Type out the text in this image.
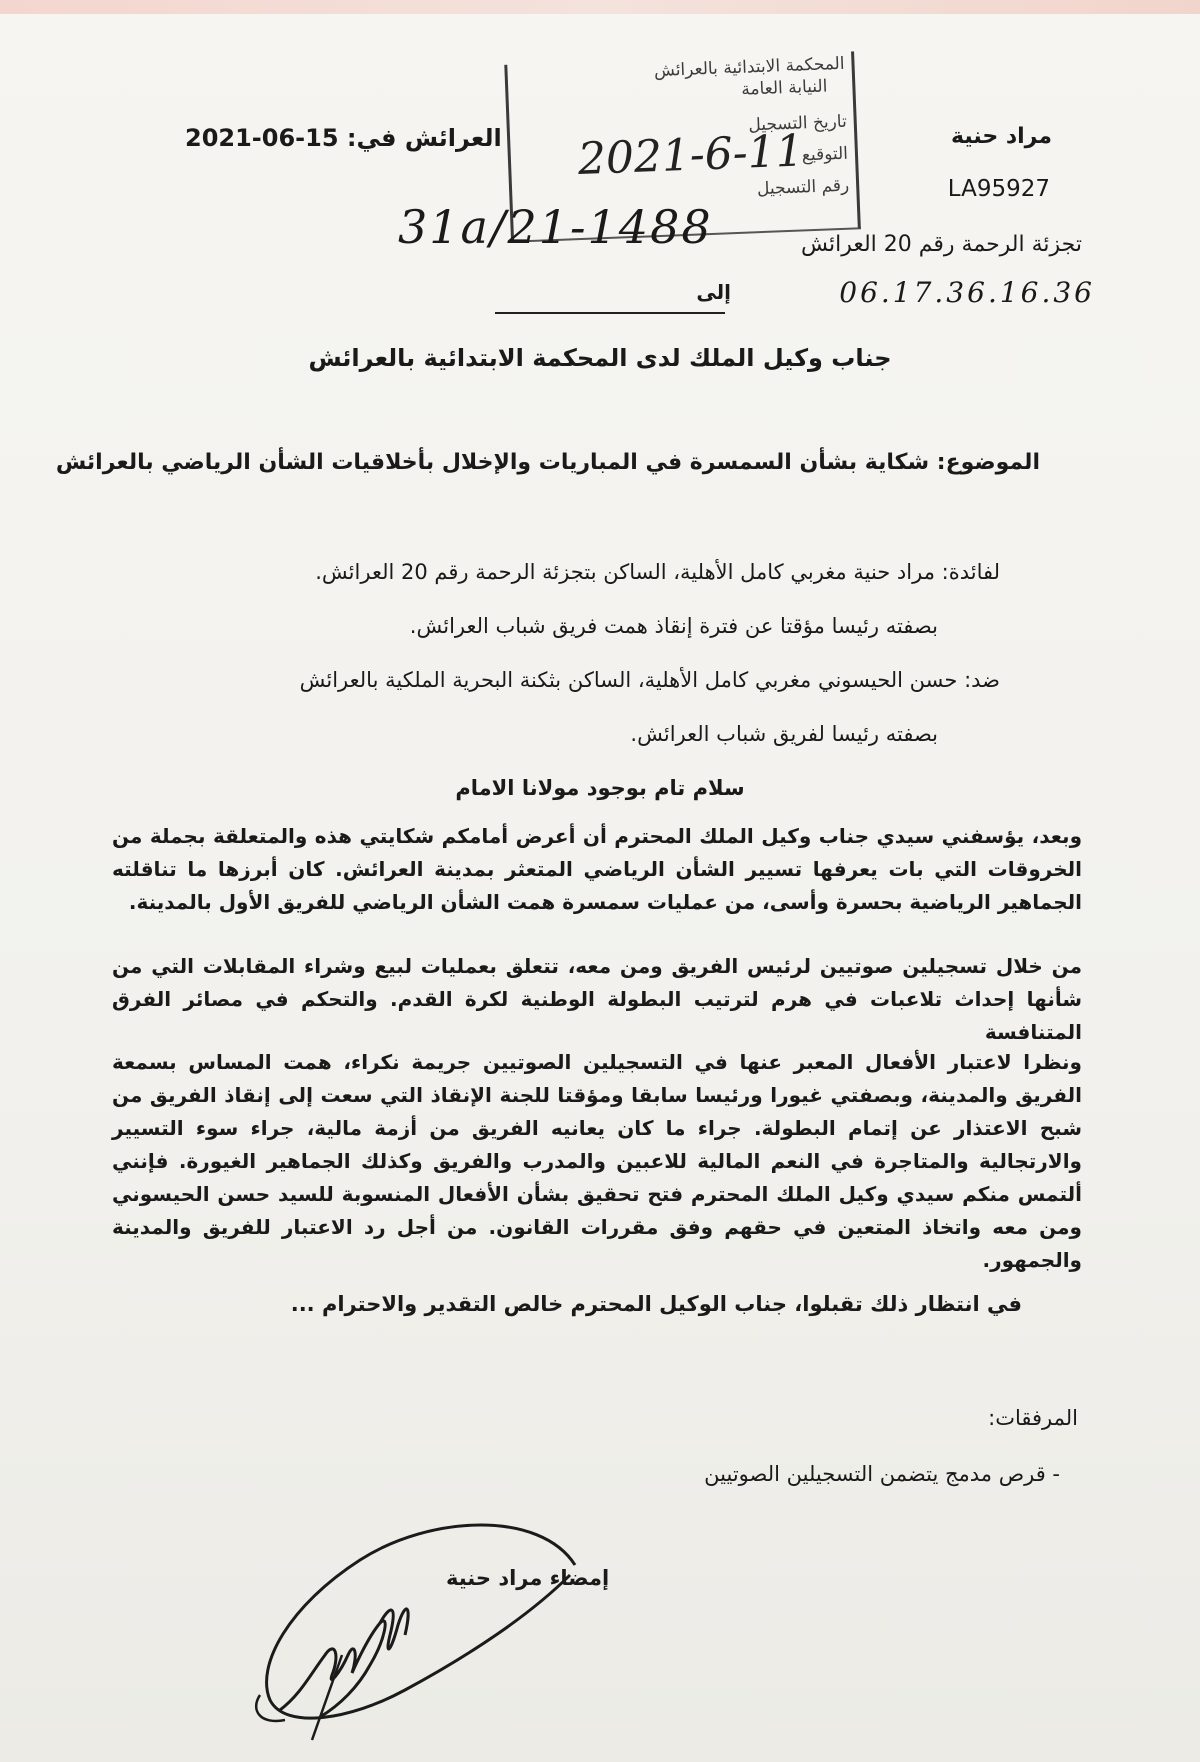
2021-06-15 العرائش في:	مراد حنية
LA95927
تجزئة الرحمة رقم 20 العرائش
06.17.36.16.36
المحكمة الابتدائية بالعرائش
النيابة العامة
تاريخ التسجيل
التوقيع
رقم التسجيل
2021-6-11
31a/21-1488
إلى
جناب وكيل الملك لدى المحكمة الابتدائية بالعرائش
الموضوع: شكاية بشأن السمسرة في المباريات والإخلال بأخلاقيات الشأن الرياضي بالعرائش
لفائدة: مراد حنية مغربي كامل الأهلية، الساكن بتجزئة الرحمة رقم 20 العرائش.
بصفته رئيسا مؤقتا عن فترة إنقاذ همت فريق شباب العرائش.
ضد: حسن الحيسوني مغربي كامل الأهلية، الساكن بثكنة البحرية الملكية بالعرائش
بصفته رئيسا لفريق شباب العرائش.
سلام تام بوجود مولانا الامام
وبعد، يؤسفني سيدي جناب وكيل الملك المحترم أن أعرض أمامكم شكايتي هذه والمتعلقة بجملة من الخروقات التي بات يعرفها تسيير الشأن الرياضي المتعثر بمدينة العرائش. كان أبرزها ما تناقلته الجماهير الرياضية بحسرة وأسى، من عمليات سمسرة همت الشأن الرياضي للفريق الأول بالمدينة.
من خلال تسجيلين صوتيين لرئيس الفريق ومن معه، تتعلق بعمليات لبيع وشراء المقابلات التي من شأنها إحداث تلاعبات في هرم لترتيب البطولة الوطنية لكرة القدم. والتحكم في مصائر الفرق المتنافسة
ونظرا لاعتبار الأفعال المعبر عنها في التسجيلين الصوتيين جريمة نكراء، همت المساس بسمعة الفريق والمدينة، وبصفتي غيورا ورئيسا سابقا ومؤقتا للجنة الإنقاذ التي سعت إلى إنقاذ الفريق من شبح الاعتذار عن إتمام البطولة. جراء ما كان يعانيه الفريق من أزمة مالية، جراء سوء التسيير والارتجالية والمتاجرة في النعم المالية للاعبين والمدرب والفريق وكذلك الجماهير الغيورة. فإنني ألتمس منكم سيدي وكيل الملك المحترم فتح تحقيق بشأن الأفعال المنسوبة للسيد حسن الحيسوني ومن معه واتخاذ المتعين في حقهم وفق مقررات القانون. من أجل رد الاعتبار للفريق والمدينة والجمهور.
في انتظار ذلك تقبلوا، جناب الوكيل المحترم خالص التقدير والاحترام ...
المرفقات:
- قرص مدمج يتضمن التسجيلين الصوتيين
إمضاء مراد حنية
